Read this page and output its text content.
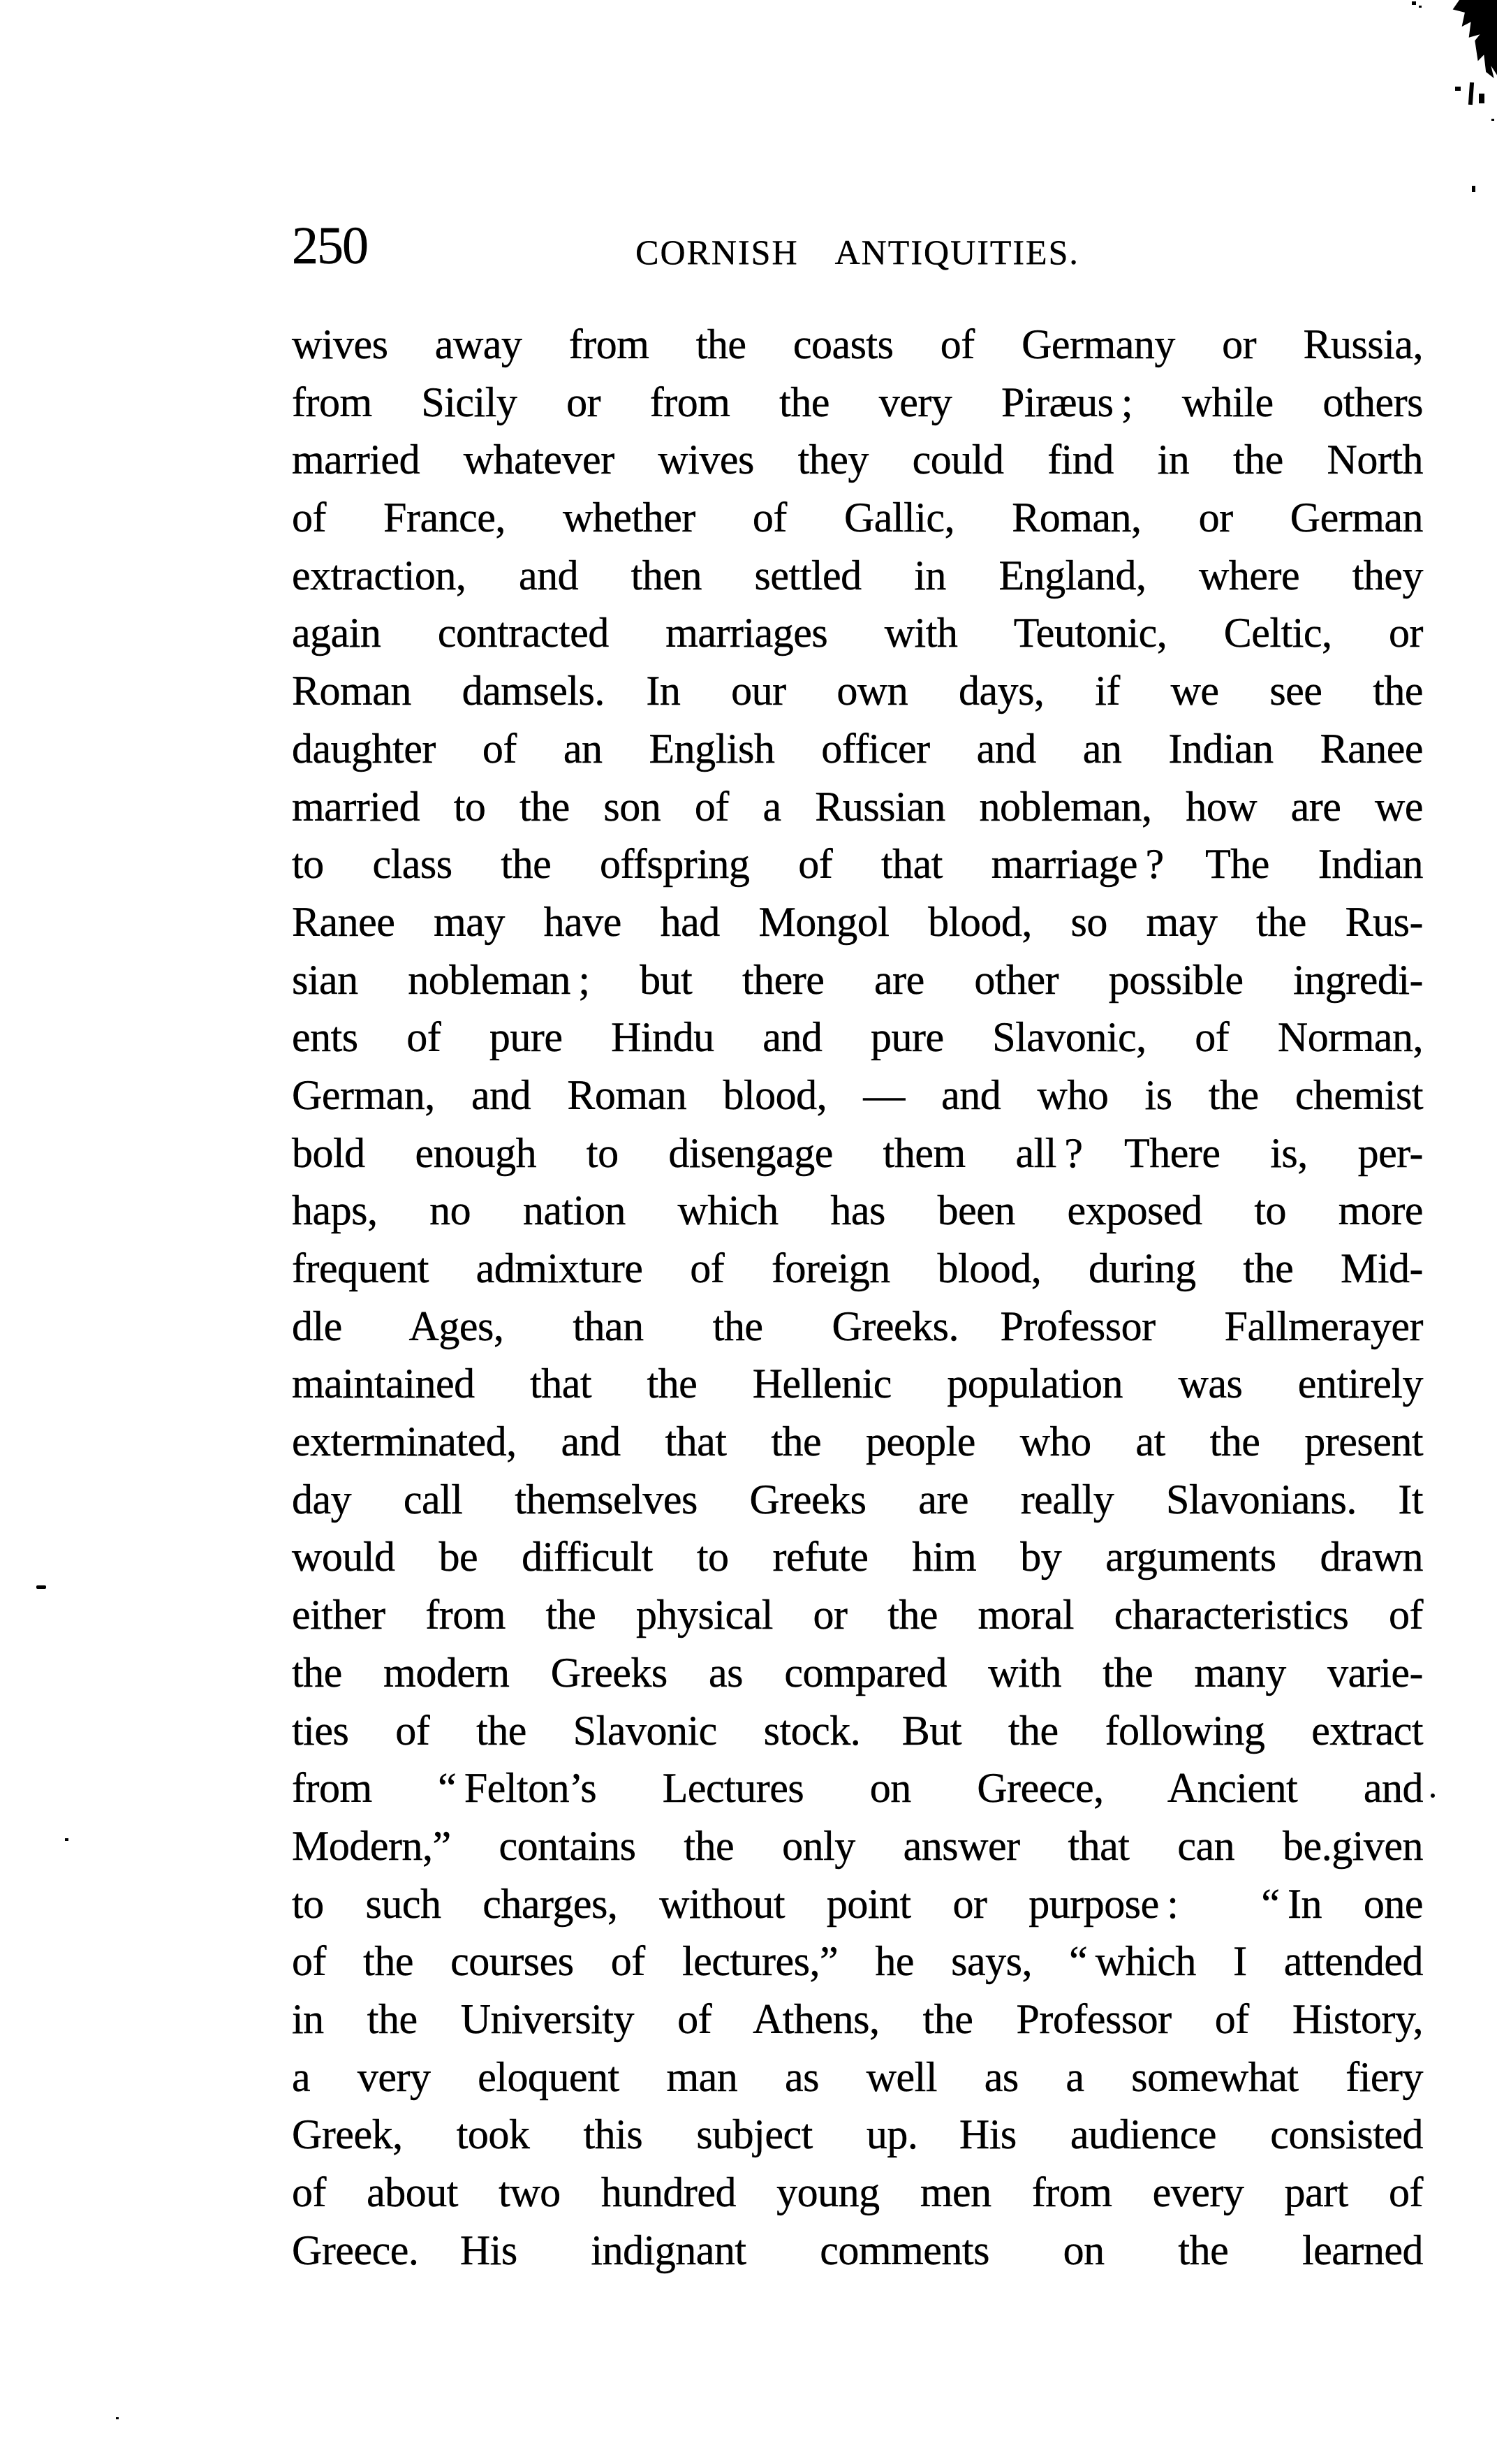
250	CORNISH ANTIQUITIES.
wives away from the coasts of Germany or Russia,
from Sicily or from the very Piræus ; while others
married whatever wives they could find in the North
of France, whether of Gallic, Roman, or German
extraction, and then settled in England, where they
again contracted marriages with Teutonic, Celtic, or
Roman damsels. In our own days, if we see the
daughter of an English officer and an Indian Ranee
married to the son of a Russian nobleman, how are we
to class the offspring of that marriage ? The Indian
Ranee may have had Mongol blood, so may the Rus-
sian nobleman ; but there are other possible ingredi-
ents of pure Hindu and pure Slavonic, of Norman,
German, and Roman blood, — and who is the chemist
bold enough to disengage them all ? There is, per-
haps, no nation which has been exposed to more
frequent admixture of foreign blood, during the Mid-
dle Ages, than the Greeks. Professor Fallmerayer
maintained that the Hellenic population was entirely
exterminated, and that the people who at the present
day call themselves Greeks are really Slavonians. It
would be difficult to refute him by arguments drawn
either from the physical or the moral characteristics of
the modern Greeks as compared with the many varie-
ties of the Slavonic stock. But the following extract
from “ Felton’s Lectures on Greece, Ancient and
Modern,” contains the only answer that can be.given
to such charges, without point or purpose :  “ In one
of the courses of lectures,” he says, “ which I attended
in the University of Athens, the Professor of History,
a very eloquent man as well as a somewhat fiery
Greek, took this subject up. His audience consisted
of about two hundred young men from every part of
Greece. His indignant comments on the learned
